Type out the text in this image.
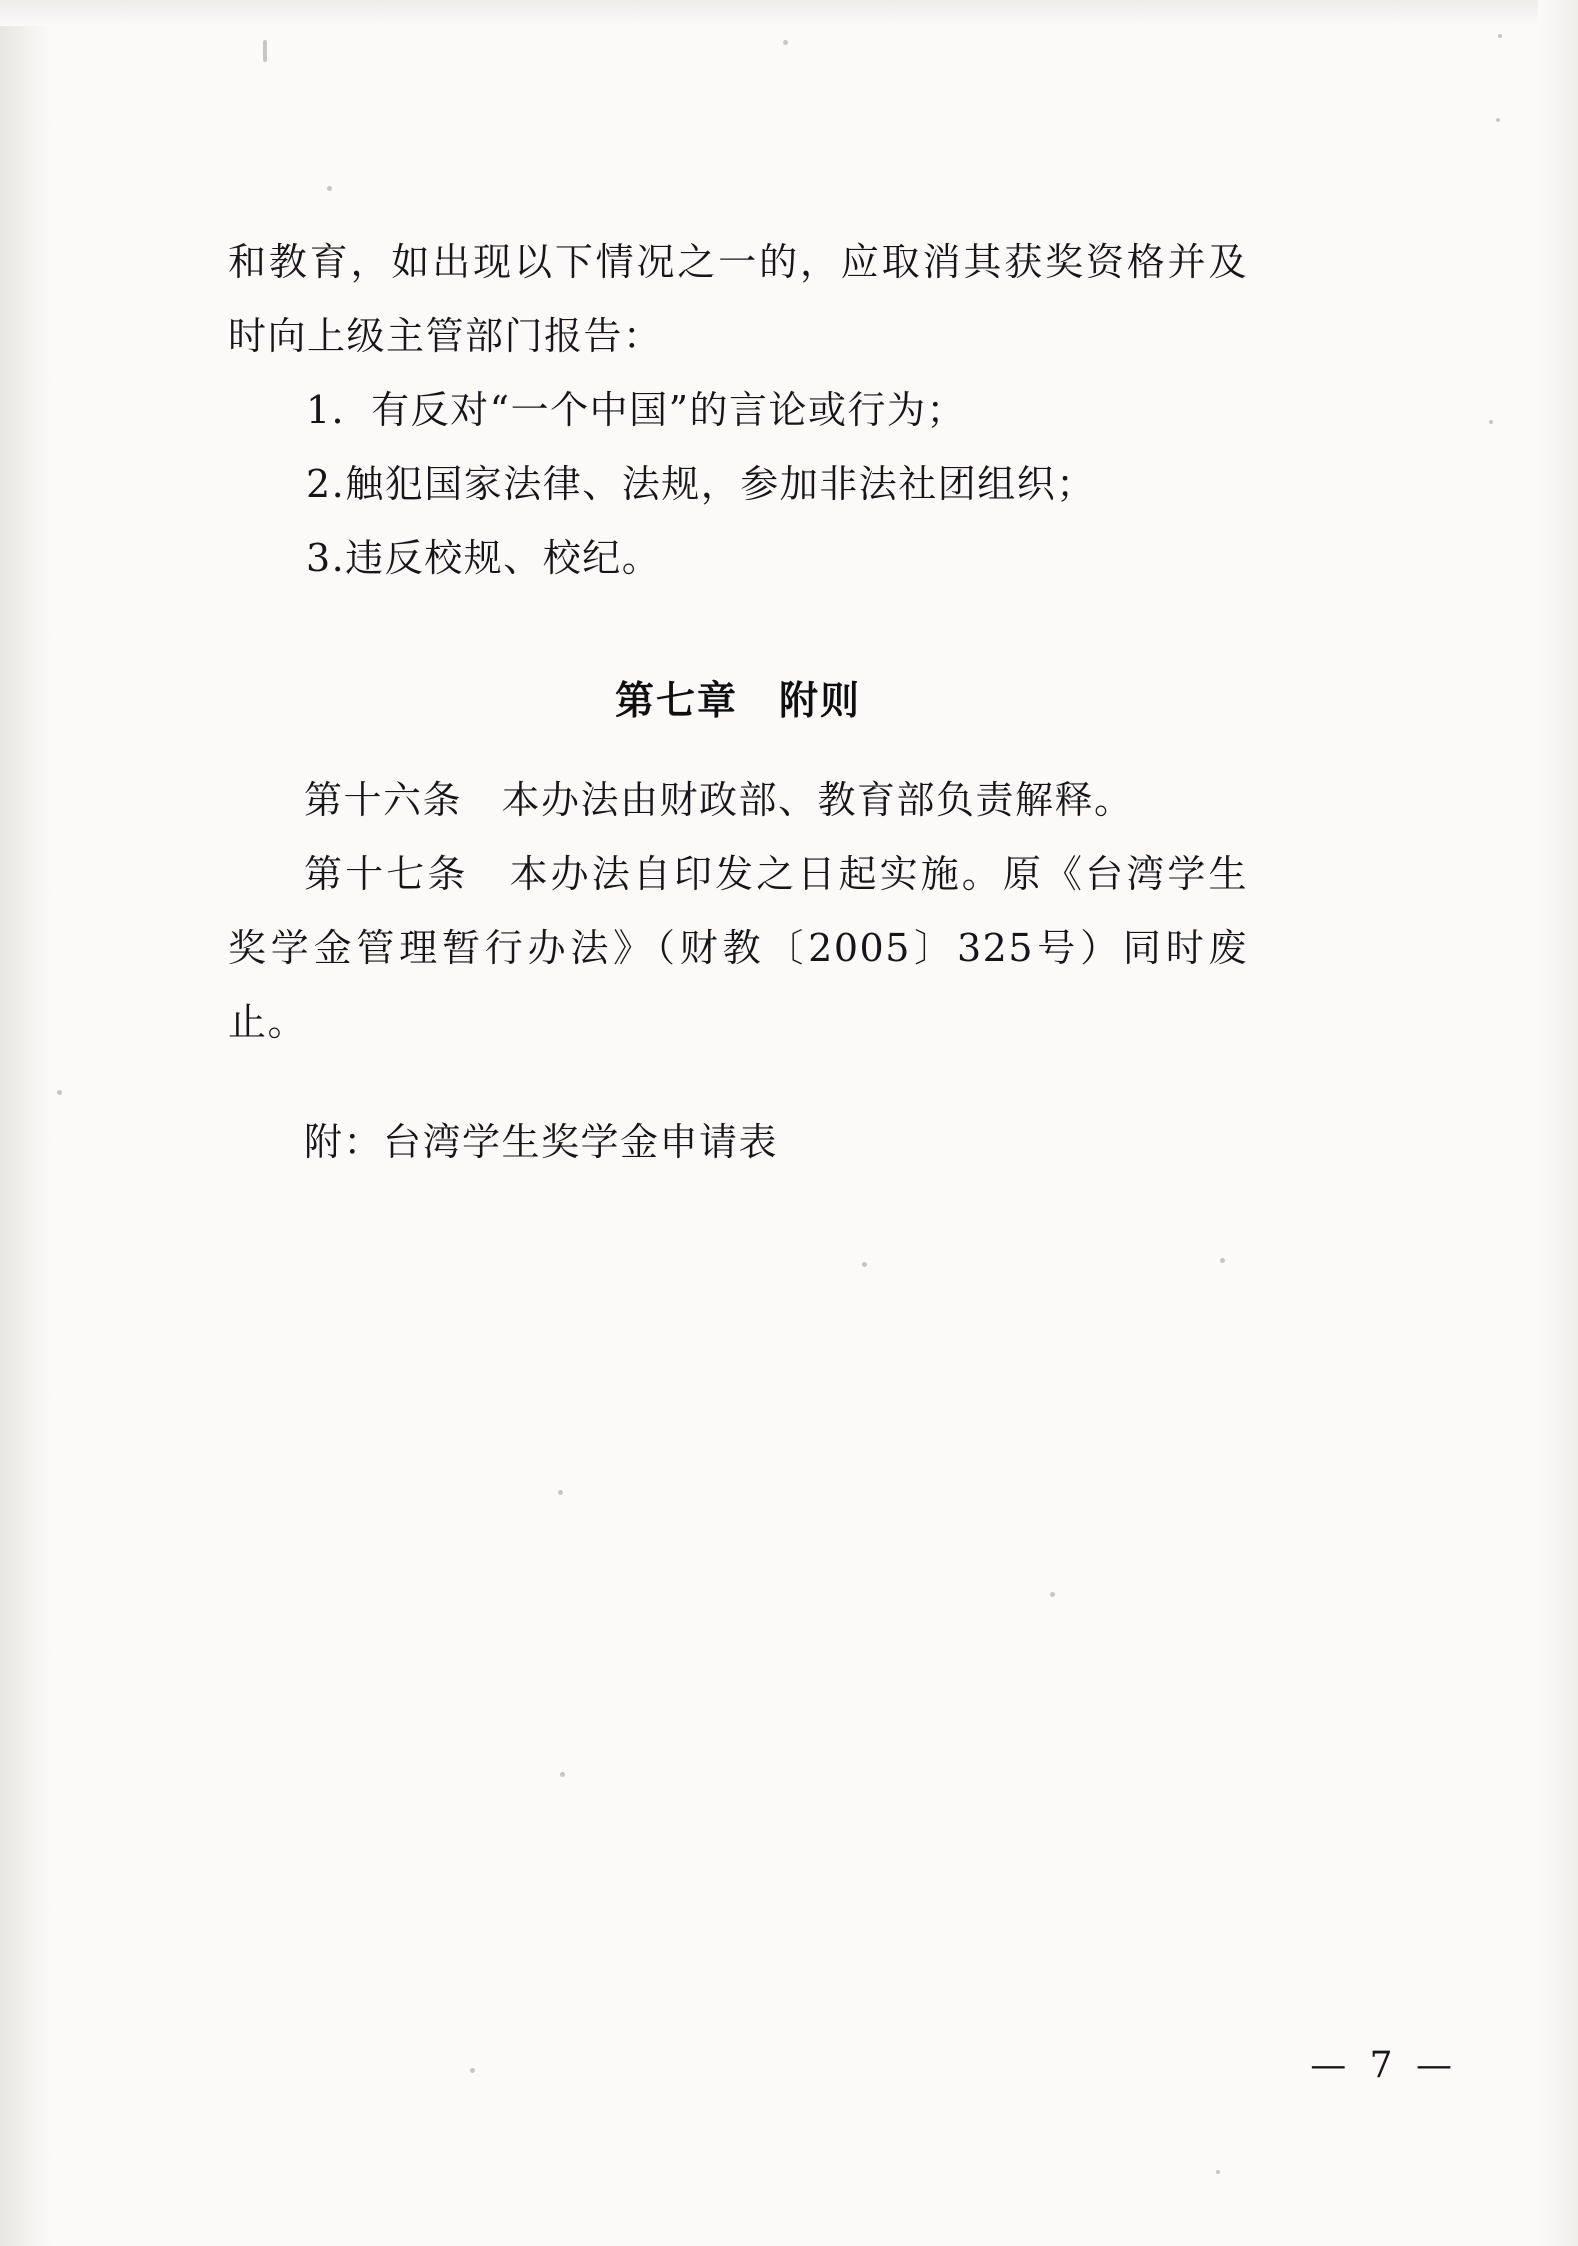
和教育，如出现以下情况之一的，应取消其获奖资格并及时向上级主管部门报告：

1．有反对“一个中国”的言论或行为；

2.触犯国家法律、法规，参加非法社团组织；

3.违反校规、校纪。

第七章　附则

第十六条　本办法由财政部、教育部负责解释。

第十七条　本办法自印发之日起实施。原《台湾学生奖学金管理暂行办法》（财教〔2005〕325号）同时废止。

附：台湾学生奖学金申请表

— 7 —
